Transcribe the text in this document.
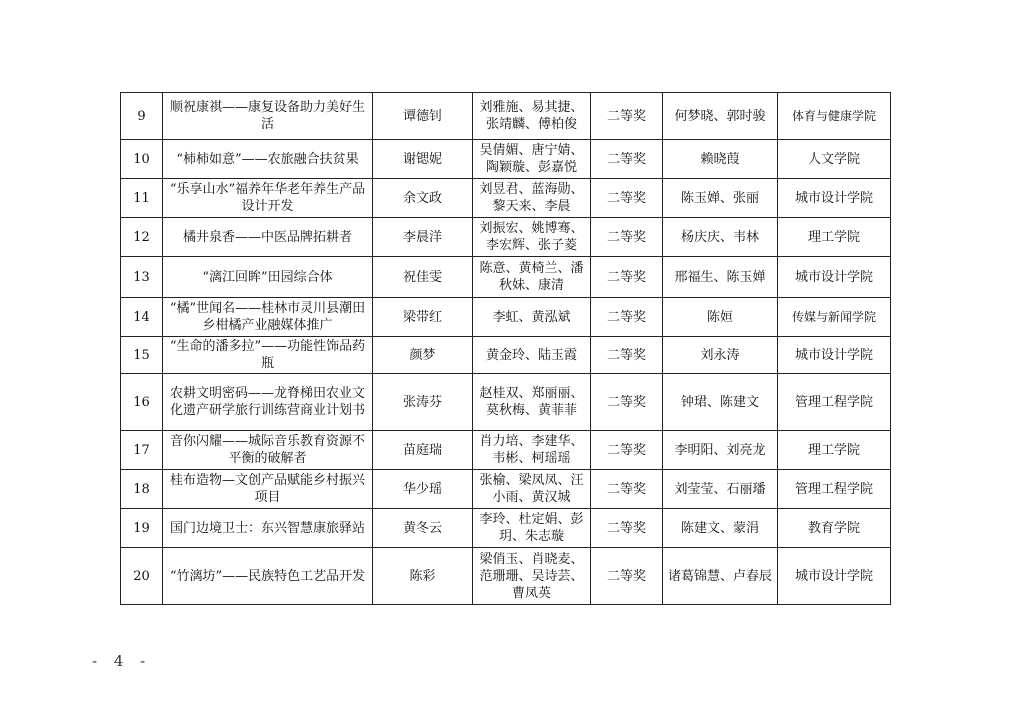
9	顺祝康祺——康复设备助力美好生活	谭德钊	刘雅施、易其捷、张靖麟、傅柏俊	二等奖	何梦晓、郭时骏	体育与健康学院
10	“柿柿如意”——农旅融合扶贫果	谢锶妮	吴倩媚、唐宁婧、陶颖璇、彭嘉悦	二等奖	赖晓葭	人文学院
11	“乐享山水”福养年华老年养生产品设计开发	余文政	刘昱君、蓝海勋、黎天来、李晨	二等奖	陈玉婵、张丽	城市设计学院
12	橘井泉香——中医品牌拓耕者	李晨洋	刘振宏、姚博骞、李宏辉、张子菱	二等奖	杨庆庆、韦林	理工学院
13	“漓江回眸”田园综合体	祝佳雯	陈意、黄椅兰、潘秋妹、康清	二等奖	邢福生、陈玉婵	城市设计学院
14	“橘”世闻名——桂林市灵川县潮田乡柑橘产业融媒体推广	梁带红	李虹、黄泓斌	二等奖	陈姮	传媒与新闻学院
15	“生命的潘多拉”——功能性饰品药瓶	颜梦	黄金玲、陆玉霞	二等奖	刘永涛	城市设计学院
16	农耕文明密码——龙脊梯田农业文化遗产研学旅行训练营商业计划书	张涛芬	赵桂双、郑丽丽、莫秋梅、黄菲菲	二等奖	钟珺、陈建文	管理工程学院
17	音你闪耀——城际音乐教育资源不平衡的破解者	苗庭瑞	肖力培、李建华、韦彬、柯瑶瑶	二等奖	李明阳、刘亮龙	理工学院
18	桂布造物—文创产品赋能乡村振兴项目	华少瑶	张榆、梁凤凤、汪小雨、黄汉城	二等奖	刘莹莹、石丽璠	管理工程学院
19	国门边境卫士：东兴智慧康旅驿站	黄冬云	李玲、杜定娟、彭玥、朱志璇	二等奖	陈建文、蒙涓	教育学院
20	“竹漓坊”——民族特色工艺品开发	陈彩	梁俏玉、肖晓麦、范珊珊、吴诗芸、曹凤英	二等奖	诸葛锦慧、卢春辰	城市设计学院
- 4 -
